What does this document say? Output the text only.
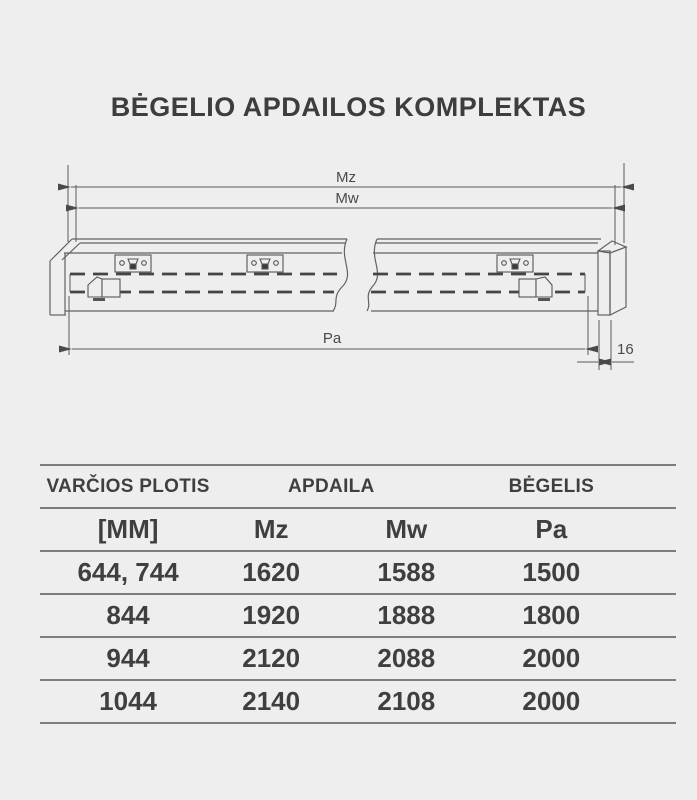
BĖGELIO APDAILOS KOMPLEKTAS
Mz
Mw
Pa
16
VARČIOS PLOTIS	APDAILA	BĖGELIS
[MM]	Mz	Mw	Pa
644, 744	1620	1588	1500
844	1920	1888	1800
944	2120	2088	2000
1044	2140	2108	2000
